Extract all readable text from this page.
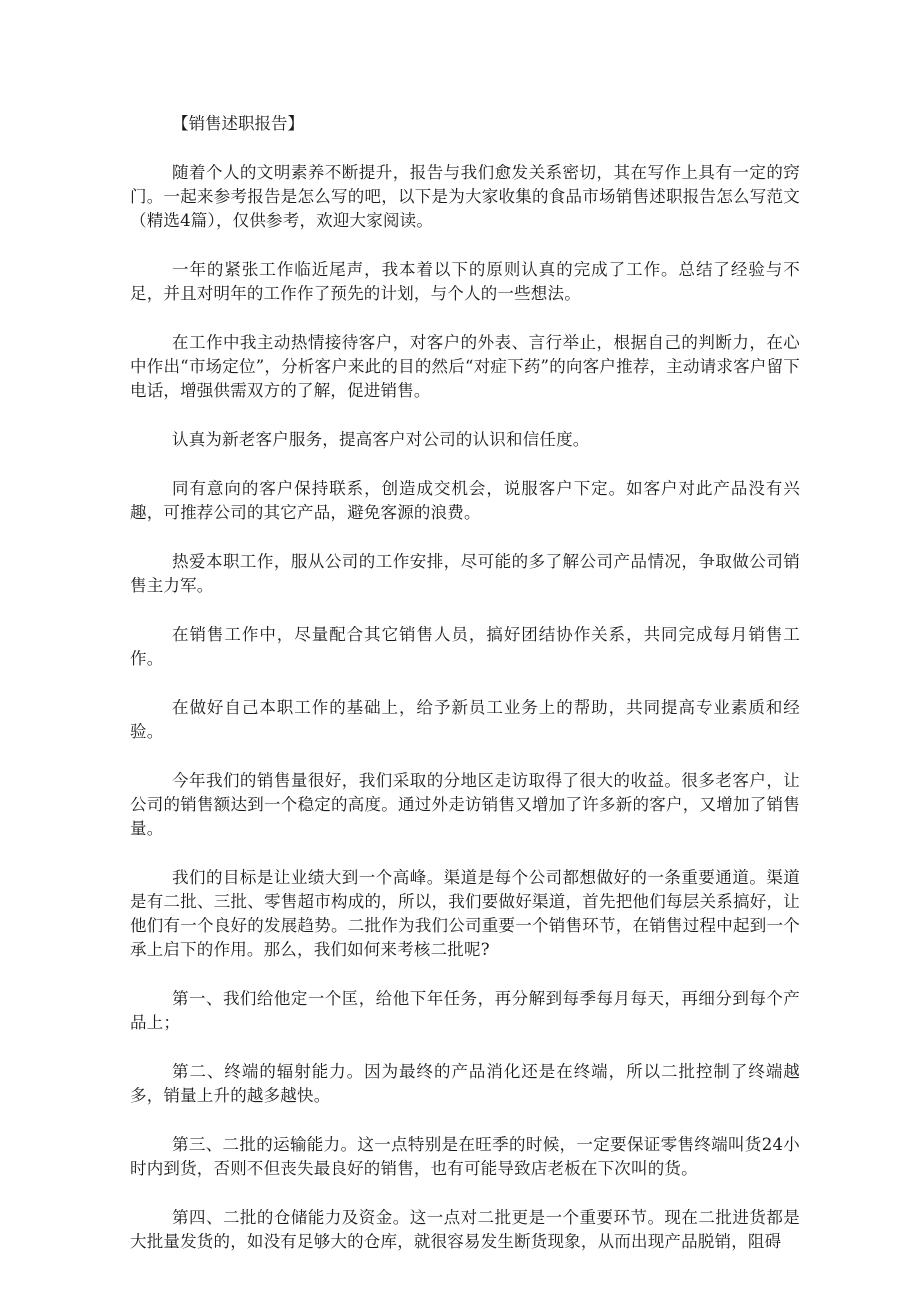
【销售述职报告】

随着个人的文明素养不断提升，报告与我们愈发关系密切，其在写作上具有一定的窍门。一起来参考报告是怎么写的吧，以下是为大家收集的食品市场销售述职报告怎么写范文（精选4篇），仅供参考，欢迎大家阅读。

一年的紧张工作临近尾声，我本着以下的原则认真的完成了工作。总结了经验与不足，并且对明年的工作作了预先的计划，与个人的一些想法。

在工作中我主动热情接待客户，对客户的外表、言行举止，根据自己的判断力，在心中作出“市场定位”，分析客户来此的目的然后“对症下药”的向客户推荐，主动请求客户留下电话，增强供需双方的了解，促进销售。

认真为新老客户服务，提高客户对公司的认识和信任度。

同有意向的客户保持联系，创造成交机会，说服客户下定。如客户对此产品没有兴趣，可推荐公司的其它产品，避免客源的浪费。

热爱本职工作，服从公司的工作安排，尽可能的多了解公司产品情况，争取做公司销售主力军。

在销售工作中，尽量配合其它销售人员，搞好团结协作关系，共同完成每月销售工作。

在做好自己本职工作的基础上，给予新员工业务上的帮助，共同提高专业素质和经验。

今年我们的销售量很好，我们采取的分地区走访取得了很大的收益。很多老客户，让公司的销售额达到一个稳定的高度。通过外走访销售又增加了许多新的客户，又增加了销售量。

我们的目标是让业绩大到一个高峰。渠道是每个公司都想做好的一条重要通道。渠道是有二批、三批、零售超市构成的，所以，我们要做好渠道，首先把他们每层关系搞好，让他们有一个良好的发展趋势。二批作为我们公司重要一个销售环节，在销售过程中起到一个承上启下的作用。那么，我们如何来考核二批呢?

第一、我们给他定一个匡，给他下年任务，再分解到每季每月每天，再细分到每个产品上；

第二、终端的辐射能力。因为最终的产品消化还是在终端，所以二批控制了终端越多，销量上升的越多越快。

第三、二批的运输能力。这一点特别是在旺季的时候，一定要保证零售终端叫货24小时内到货，否则不但丧失最良好的销售，也有可能导致店老板在下次叫的货。

第四、二批的仓储能力及资金。这一点对二批更是一个重要环节。现在二批进货都是大批量发货的，如没有足够大的仓库，就很容易发生断货现象，从而出现产品脱销，阻碍
